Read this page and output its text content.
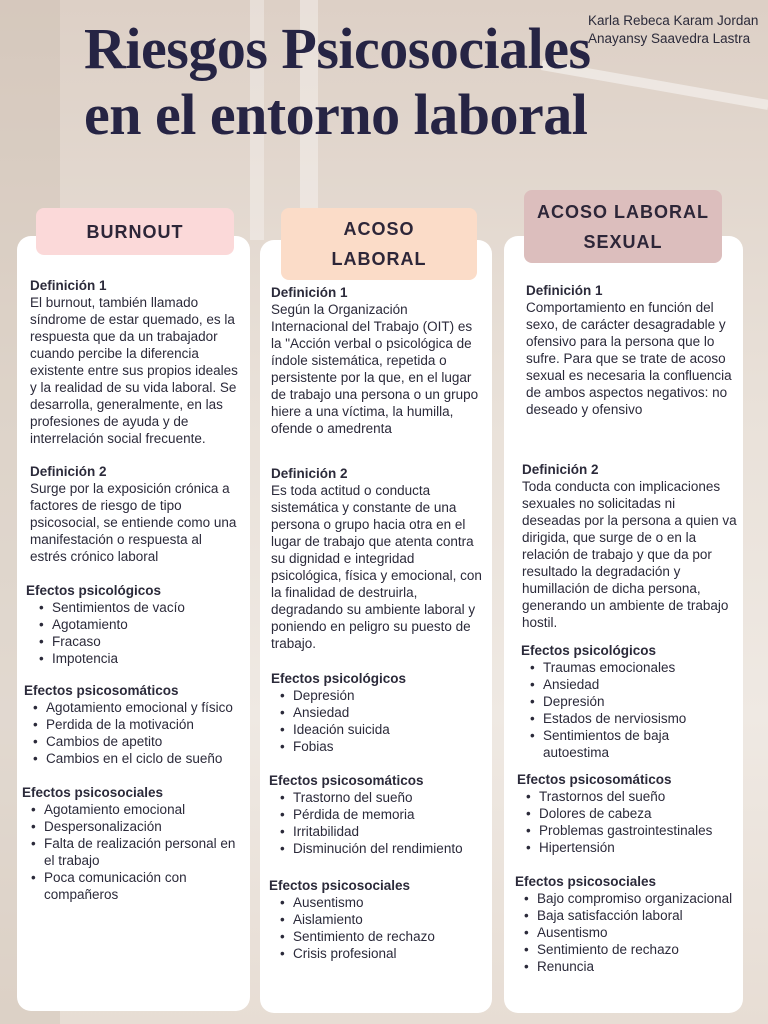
Riesgos Psicosociales
en el entorno laboral
Karla Rebeca Karam Jordan
Anayansy Saavedra Lastra
BURNOUT	ACOSO
LABORAL
ACOSO LABORAL
SEXUAL
Definición 1
El burnout, también llamado síndrome de estar quemado, es la respuesta que da un trabajador cuando percibe la diferencia existente entre sus propios ideales y la realidad de su vida laboral. Se desarrolla, generalmente, en las profesiones de ayuda y de interrelación social frecuente.
Definición 2
Surge por la exposición crónica a factores de riesgo de tipo psicosocial, se entiende como una manifestación o respuesta al estrés crónico laboral
Efectos psicológicos
• Sentimientos de vacío
• Agotamiento
• Fracaso
• Impotencia
Efectos psicosomáticos
• Agotamiento emocional y físico
• Perdida de la motivación
• Cambios de apetito
• Cambios en el ciclo de sueño
Efectos psicosociales
• Agotamiento emocional
• Despersonalización
• Falta de realización personal en el trabajo
• Poca comunicación con compañeros
Definición 1
Según la Organización Internacional del Trabajo (OIT) es la "Acción verbal o psicológica de índole sistemática, repetida o persistente por la que, en el lugar de trabajo una persona o un grupo hiere a una víctima, la humilla, ofende o amedrenta
Definición 2
Es toda actitud o conducta sistemática y constante de una persona o grupo hacia otra en el lugar de trabajo que atenta contra su dignidad e integridad psicológica, física y emocional, con la finalidad de destruirla, degradando su ambiente laboral y poniendo en peligro su puesto de trabajo.
Efectos psicológicos
• Depresión
• Ansiedad
• Ideación suicida
• Fobias
Efectos psicosomáticos
• Trastorno del sueño
• Pérdida de memoria
• Irritabilidad
• Disminución del rendimiento
Efectos psicosociales
• Ausentismo
• Aislamiento
• Sentimiento de rechazo
• Crisis profesional
Definición 1
Comportamiento en función del sexo, de carácter desagradable y ofensivo para la persona que lo sufre. Para que se trate de acoso sexual es necesaria la confluencia de ambos aspectos negativos: no deseado y ofensivo
Definición 2
Toda conducta con implicaciones sexuales no solicitadas ni deseadas por la persona a quien va dirigida, que surge de o en la relación de trabajo y que da por resultado la degradación y humillación de dicha persona, generando un ambiente de trabajo hostil.
Efectos psicológicos
• Traumas emocionales
• Ansiedad
• Depresión
• Estados de nerviosismo
• Sentimientos de baja autoestima
Efectos psicosomáticos
• Trastornos del sueño
• Dolores de cabeza
• Problemas gastrointestinales
• Hipertensión
Efectos psicosociales
• Bajo compromiso organizacional
• Baja satisfacción laboral
• Ausentismo
• Sentimiento de rechazo
• Renuncia
